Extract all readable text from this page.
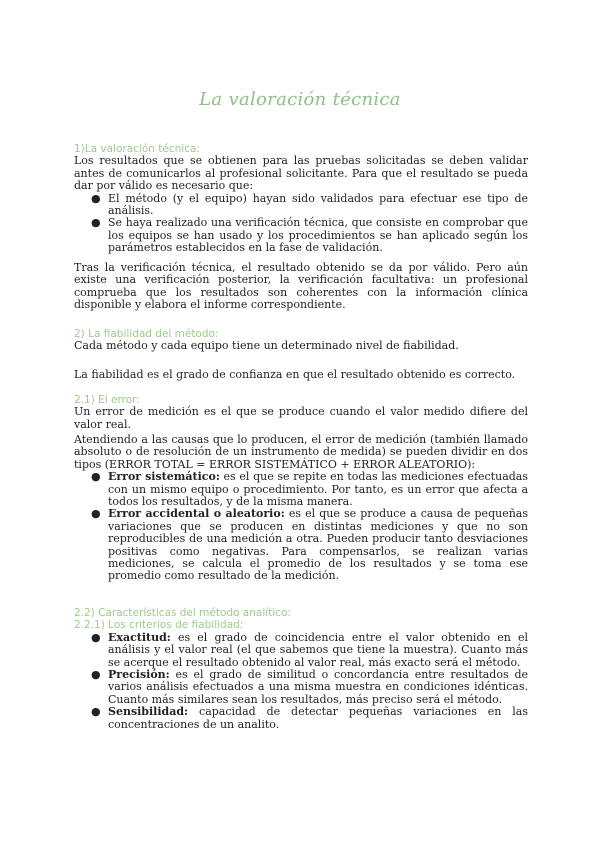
La valoración técnica
1)La valoración técnica:
Los resultados que se obtienen para las pruebas solicitadas se deben validar antes de comunicarlos al profesional solicitante. Para que el resultado se pueda dar por válido es necesario que:
● El método (y el equipo) hayan sido validados para efectuar ese tipo de análisis.
● Se haya realizado una verificación técnica, que consiste en comprobar que los equipos se han usado y los procedimientos se han aplicado según los parámetros establecidos en la fase de validación.
Tras la verificación técnica, el resultado obtenido se da por válido. Pero aún existe una verificación posterior, la verificación facultativa: un profesional comprueba que los resultados son coherentes con la información clínica disponible y elabora el informe correspondiente.
2) La fiabilidad del método:
Cada método y cada equipo tiene un determinado nivel de fiabilidad.
La fiabilidad es el grado de confianza en que el resultado obtenido es correcto.
2.1) El error:
Un error de medición es el que se produce cuando el valor medido difiere del valor real.
Atendiendo a las causas que lo producen, el error de medición (también llamado absoluto o de resolución de un instrumento de medida) se pueden dividir en dos tipos (ERROR TOTAL = ERROR SISTEMÁTICO + ERROR ALEATORIO):
● Error sistemático: es el que se repite en todas las mediciones efectuadas con un mismo equipo o procedimiento. Por tanto, es un error que afecta a todos los resultados, y de la misma manera.
● Error accidental o aleatorio: es el que se produce a causa de pequeñas variaciones que se producen en distintas mediciones y que no son reproducibles de una medición a otra. Pueden producir tanto desviaciones positivas como negativas. Para compensarlos, se realizan varias mediciones, se calcula el promedio de los resultados y se toma ese promedio como resultado de la medición.
2.2) Características del método analítico:
2.2.1) Los criterios de fiabilidad:
● Exactitud: es el grado de coincidencia entre el valor obtenido en el análisis y el valor real (el que sabemos que tiene la muestra). Cuanto más se acerque el resultado obtenido al valor real, más exacto será el método.
● Precisión: es el grado de similitud o concordancia entre resultados de varios análisis efectuados a una misma muestra en condiciones idénticas. Cuanto más similares sean los resultados, más preciso será el método.
● Sensibilidad: capacidad de detectar pequeñas variaciones en las concentraciones de un analito.
